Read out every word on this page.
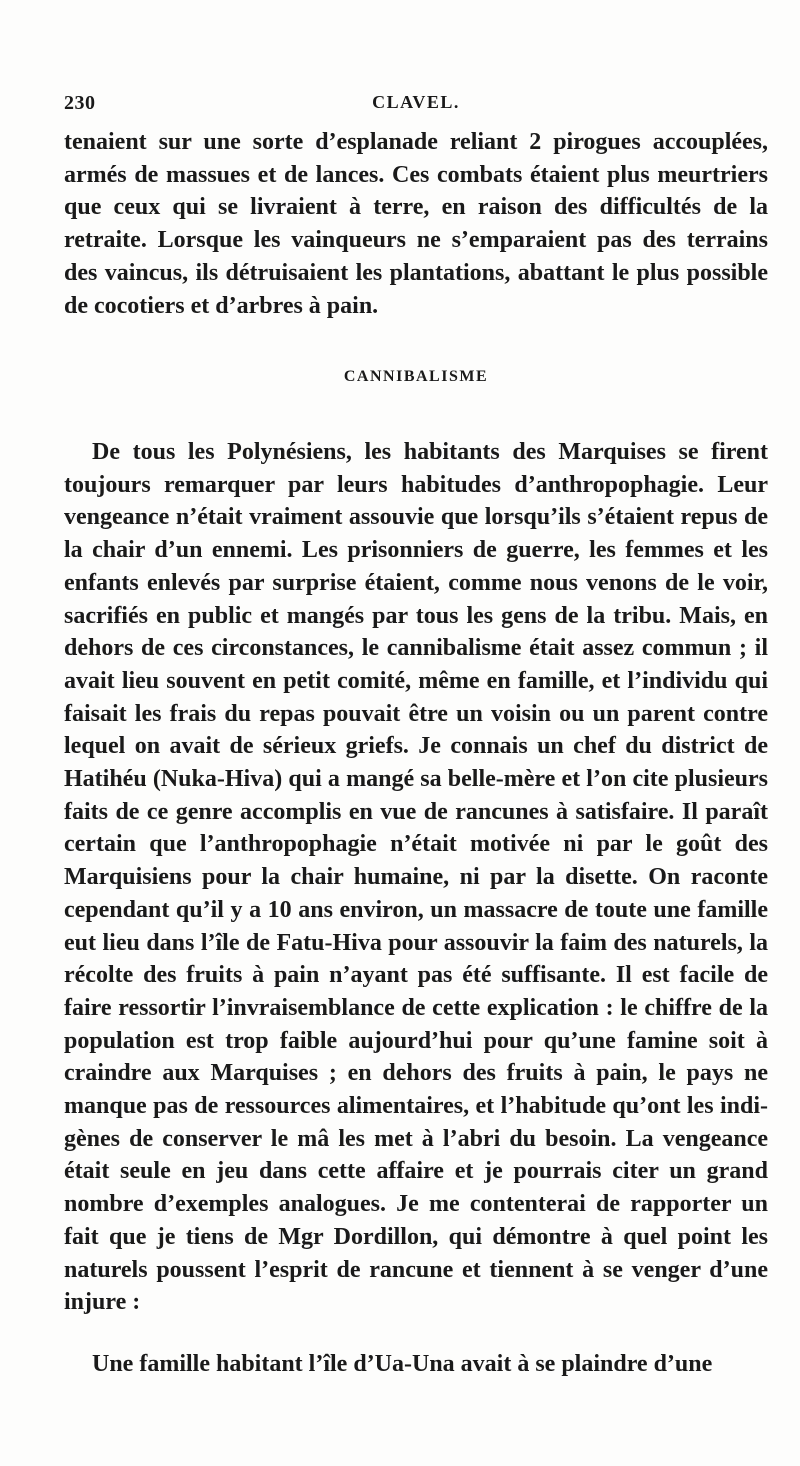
230	CLAVEL.

tenaient sur une sorte d’esplanade reliant 2 pirogues accouplées, armés de massues et de lances. Ces combats étaient plus meurtriers que ceux qui se livraient à terre, en raison des difficultés de la retraite. Lorsque les vainqueurs ne s’emparaient pas des terrains des vaincus, ils détruisaient les plantations, abattant le plus possible de cocotiers et d’arbres à pain.

CANNIBALISME

De tous les Polynésiens, les habitants des Marquises se firent toujours remarquer par leurs habitudes d’anthropophagie. Leur vengeance n’était vraiment assouvie que lorsqu’ils s’étaient repus de la chair d’un ennemi. Les prisonniers de guerre, les femmes et les enfants enlevés par surprise étaient, comme nous venons de le voir, sacrifiés en public et mangés par tous les gens de la tribu. Mais, en dehors de ces circonstances, le cannibalisme était assez commun ; il avait lieu souvent en petit comité, même en famille, et l’individu qui faisait les frais du repas pouvait être un voisin ou un parent contre lequel on avait de sérieux griefs. Je connais un chef du district de Hatihéu (Nuka-Hiva) qui a mangé sa belle-mère et l’on cite plusieurs faits de ce genre accomplis en vue de rancunes à satisfaire. Il paraît certain que l’anthropophagie n’était motivée ni par le goût des Marquisiens pour la chair humaine, ni par la disette. On raconte cependant qu’il y a 10 ans environ, un massacre de toute une famille eut lieu dans l’île de Fatu-Hiva pour assouvir la faim des naturels, la récolte des fruits à pain n’ayant pas été suffisante. Il est facile de faire ressortir l’invraisemblance de cette explication : le chiffre de la population est trop faible aujourd’hui pour qu’une famine soit à craindre aux Marquises ; en dehors des fruits à pain, le pays ne manque pas de ressources alimentaires, et l’habitude qu’ont les indigènes de conserver le mâ les met à l’abri du besoin. La vengeance était seule en jeu dans cette affaire et je pourrais citer un grand nombre d’exemples analogues. Je me contenterai de rapporter un fait que je tiens de Mgr Dordillon, qui démontre à quel point les naturels poussent l’esprit de rancune et tiennent à se venger d’une injure :

Une famille habitant l’île d’Ua-Una avait à se plaindre d’une
